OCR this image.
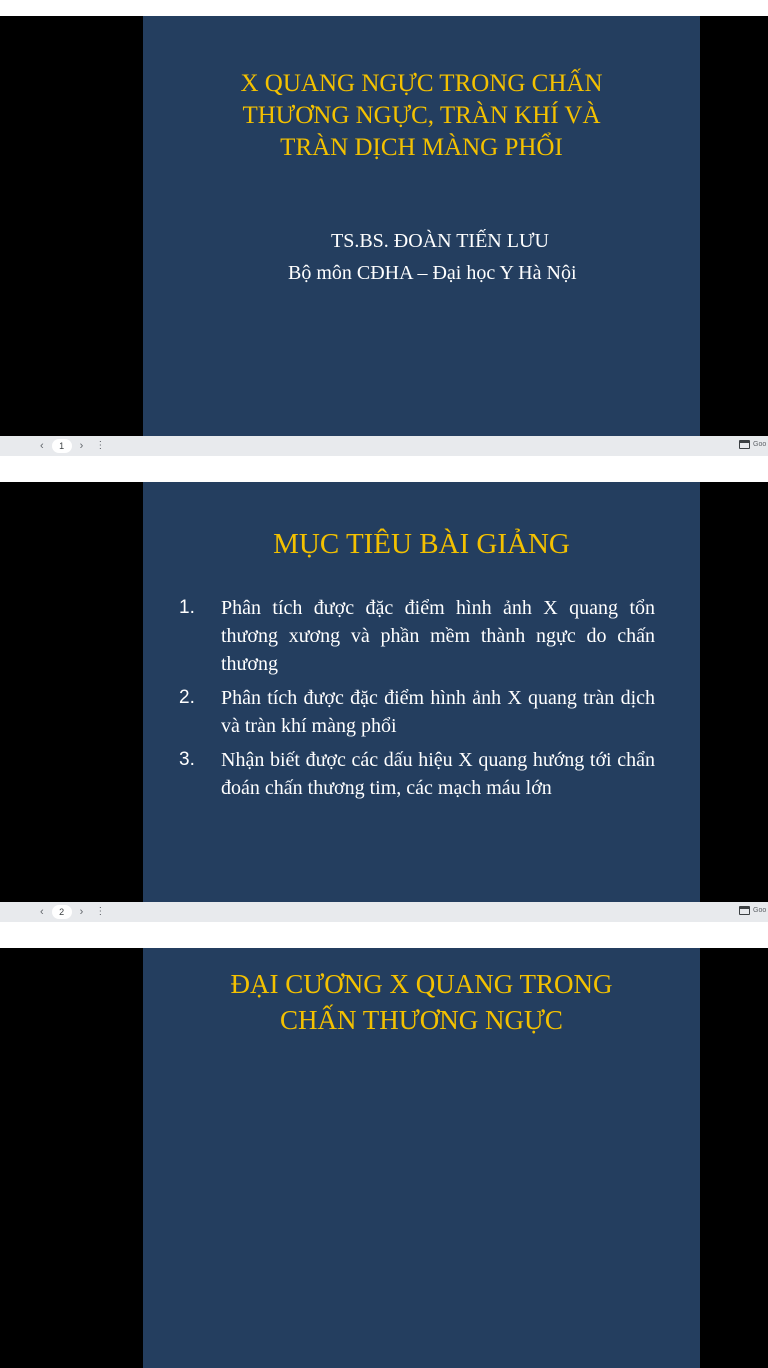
X QUANG NGỰC TRONG CHẤN
THƯƠNG NGỰC, TRÀN KHÍ VÀ
TRÀN DỊCH MÀNG PHỔI
TS.BS. ĐOÀN TIẾN LƯU
Bộ môn CĐHA – Đại học Y Hà Nội
‹	1	› ⋮	Goo
MỤC TIÊU BÀI GIẢNG
1. Phân tích được đặc điểm hình ảnh X quang tổn thương xương và phần mềm thành ngực do chấn thương
2. Phân tích được đặc điểm hình ảnh X quang tràn dịch và tràn khí màng phổi
3. Nhận biết được các dấu hiệu X quang hướng tới chẩn đoán chấn thương tim, các mạch máu lớn
‹	2	› ⋮	Goo
ĐẠI CƯƠNG X QUANG TRONG
CHẤN THƯƠNG NGỰC
